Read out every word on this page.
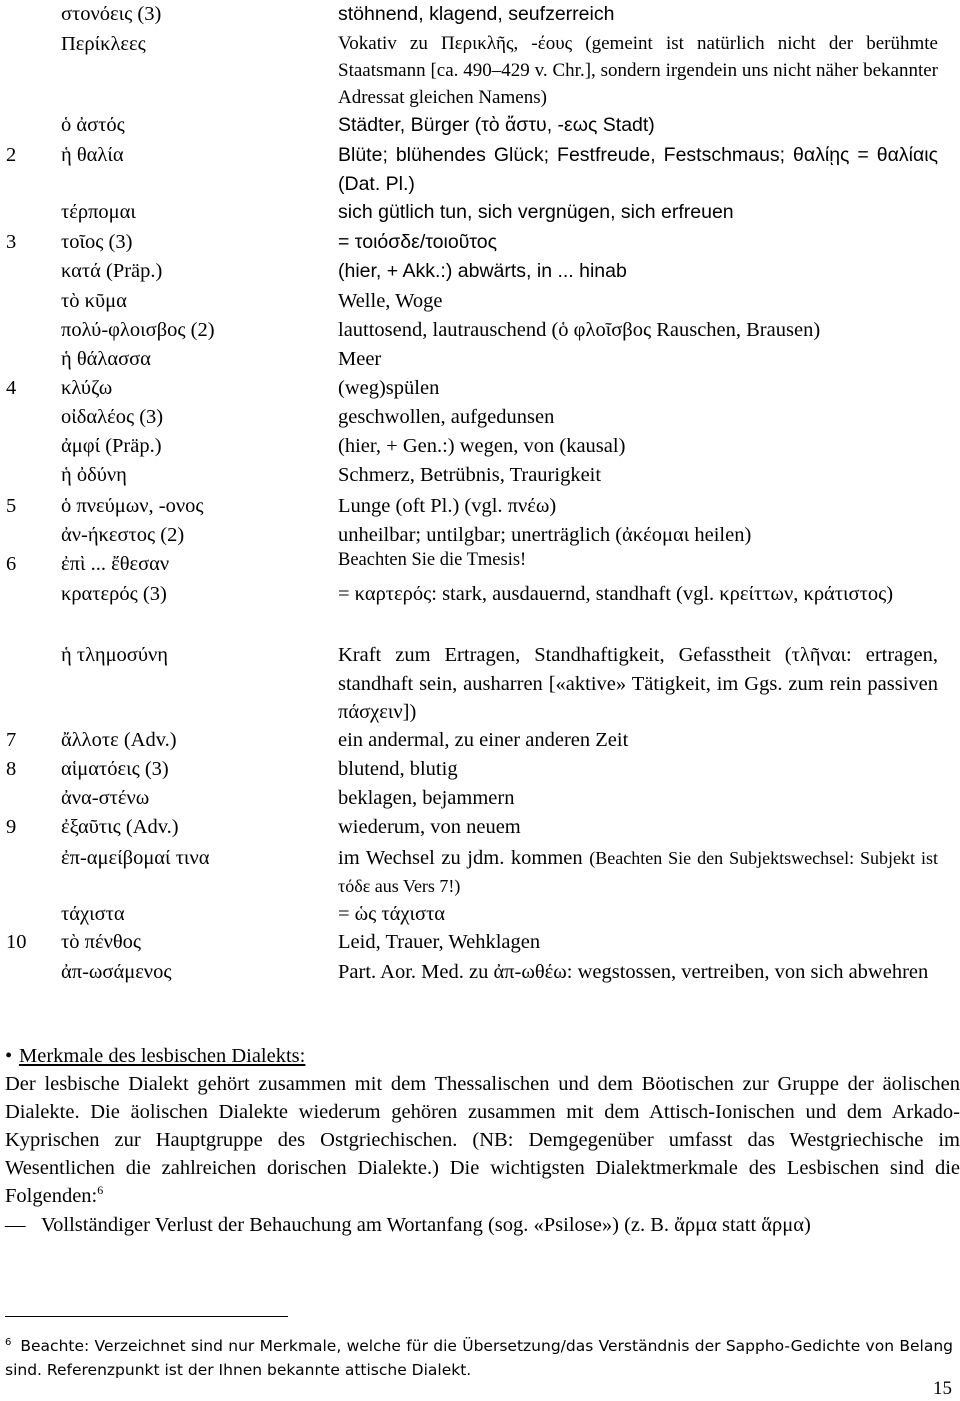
στονόεις (3)	stöhnend, klagend, seufzerreich
Περίκλεες	Vokativ zu Περικλῆς, -έους (gemeint ist natürlich nicht der berühmte Staatsmann [ca. 490–429 v. Chr.], sondern irgendein uns nicht näher bekannter Adressat gleichen Namens)
ὁ ἀστός	Städter, Bürger (τὸ ἄστυ, -εως Stadt)
2 ἡ θαλία	Blüte; blühendes Glück; Festfreude, Festschmaus; θαλίῃς = θαλίαις (Dat. Pl.)
τέρπομαι	sich gütlich tun, sich vergnügen, sich erfreuen
3 τοῖος (3)	= τοιόσδε/τοιοῦτος
κατά (Präp.)	(hier, + Akk.:) abwärts, in ... hinab
τὸ κῦμα	Welle, Woge
πολύ-φλοισβος (2)	lauttosend, lautrauschend (ὁ φλοῖσβος Rauschen, Brausen)
ἡ θάλασσα	Meer
4 κλύζω	(weg)spülen
οἰδαλέος (3)	geschwollen, aufgedunsen
ἀμφί (Präp.)	(hier, + Gen.:) wegen, von (kausal)
ἡ ὀδύνη	Schmerz, Betrübnis, Traurigkeit
5 ὁ πνεύμων, -ονος	Lunge (oft Pl.) (vgl. πνέω)
ἀν-ήκεστος (2)	unheilbar; untilgbar; unerträglich (ἀκέομαι heilen)
6 ἐπὶ ... ἔθεσαν	Beachten Sie die Tmesis!
κρατερός (3)	= καρτερός: stark, ausdauernd, standhaft (vgl. κρείττων, κράτιστος)
ἡ τλημοσύνη	Kraft zum Ertragen, Standhaftigkeit, Gefasstheit (τλῆναι: ertragen, standhaft sein, ausharren [«aktive» Tätigkeit, im Ggs. zum rein passiven πάσχειν])
7 ἄλλοτε (Adv.)	ein andermal, zu einer anderen Zeit
8 αἱματόεις (3)	blutend, blutig
ἀνα-στένω	beklagen, bejammern
9 ἐξαῦτις (Adv.)	wiederum, von neuem
ἐπ-αμείβομαί τινα	im Wechsel zu jdm. kommen (Beachten Sie den Subjektswechsel: Subjekt ist τόδε aus Vers 7!)
τάχιστα	= ὡς τάχιστα
10 τὸ πένθος	Leid, Trauer, Wehklagen
ἀπ-ωσάμενος	Part. Aor. Med. zu ἀπ-ωθέω: wegstossen, vertreiben, von sich abwehren
• Merkmale des lesbischen Dialekts:
Der lesbische Dialekt gehört zusammen mit dem Thessalischen und dem Böotischen zur Gruppe der äolischen Dialekte. Die äolischen Dialekte wiederum gehören zusammen mit dem Attisch-Ionischen und dem Arkado-Kyprischen zur Hauptgruppe des Ostgriechischen. (NB: Demgegenüber umfasst das Westgriechische im Wesentlichen die zahlreichen dorischen Dialekte.) Die wichtigsten Dialektmerkmale des Lesbischen sind die Folgenden:$^6$
— Vollständiger Verlust der Behauchung am Wortanfang (sog. «Psilose») (z. B. ἄρμα statt ἅρμα)
$^6$ Beachte: Verzeichnet sind nur Merkmale, welche für die Übersetzung/das Verständnis der Sappho-Gedichte von Belang sind. Referenzpunkt ist der Ihnen bekannte attische Dialekt.
15
